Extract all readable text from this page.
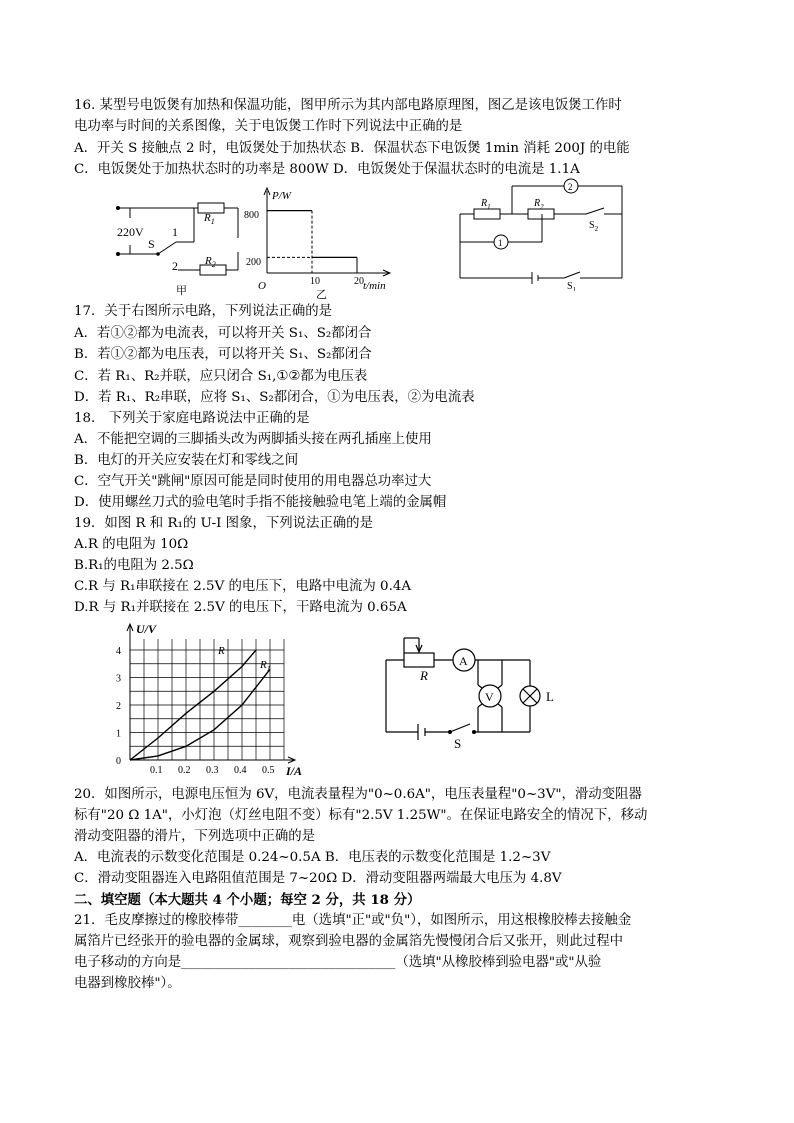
16. 某型号电饭煲有加热和保温功能，图甲所示为其内部电路原理图，图乙是该电饭煲工作时
电功率与时间的关系图像，关于电饭煲工作时下列说法中正确的是
A．开关 S 接触点 2 时，电饭煲处于加热状态 B．保温状态下电饭煲 1min 消耗 200J 的电能
C．电饭煲处于加热状态时的功率是 800W D．电饭煲处于保温状态时的电流是 1.1A
220V
S
1
2
$R_1$
$R_2$
甲
P/W
t/min
O
800
200
10	20
乙
2
1
$R_1$	$R_2$
$S_2$
$S_1$
17．关于右图所示电路，下列说法正确的是
A．若①②都为电流表，可以将开关 S₁、S₂都闭合
B．若①②都为电压表，可以将开关 S₁、S₂都闭合
C．若 R₁、R₂并联，应只闭合 S₁,①②都为电压表
D．若 R₁、R₂串联，应将 S₁、S₂都闭合，①为电压表，②为电流表
18． 下列关于家庭电路说法中正确的是
A．不能把空调的三脚插头改为两脚插头接在两孔插座上使用
B．电灯的开关应安装在灯和零线之间
C．空气开关"跳闸"原因可能是同时使用的用电器总功率过大
D．使用螺丝刀式的验电笔时手指不能接触验电笔上端的金属帽
19．如图 R 和 R₁的 U-I 图象，下列说法正确的是
A.R 的电阻为 10Ω
B.R₁的电阻为 2.5Ω
C.R 与 R₁串联接在 2.5V 的电压下，电路中电流为 0.4A
D.R 与 R₁并联接在 2.5V 的电压下，干路电流为 0.65A
0
1
2
3
4
0.1 0.2 0.3 0.4 0.5
U/V
I/A
R
$R_1$	R
A
V	L
S
20．如图所示，电源电压恒为 6V，电流表量程为"0~0.6A"，电压表量程"0~3V"，滑动变阻器
标有"20 Ω 1A"，小灯泡（灯丝电阻不变）标有"2.5V 1.25W"。在保证电路安全的情况下，移动
滑动变阻器的滑片，下列选项中正确的是
A．电流表的示数变化范围是 0.24~0.5A B．电压表的示数变化范围是 1.2~3V
C．滑动变阻器连入电路阻值范围是 7~20Ω D．滑动变阻器两端最大电压为 4.8V
二、填空题（本大题共 4 个小题；每空 2 分，共 18 分）
21．毛皮摩擦过的橡胶棒带________电（选填"正"或"负"），如图所示，用这根橡胶棒去接触金
属箔片已经张开的验电器的金属球，观察到验电器的金属箔先慢慢闭合后又张开，则此过程中
电子移动的方向是________________________________（选填"从橡胶棒到验电器"或"从验
电器到橡胶棒"）。
